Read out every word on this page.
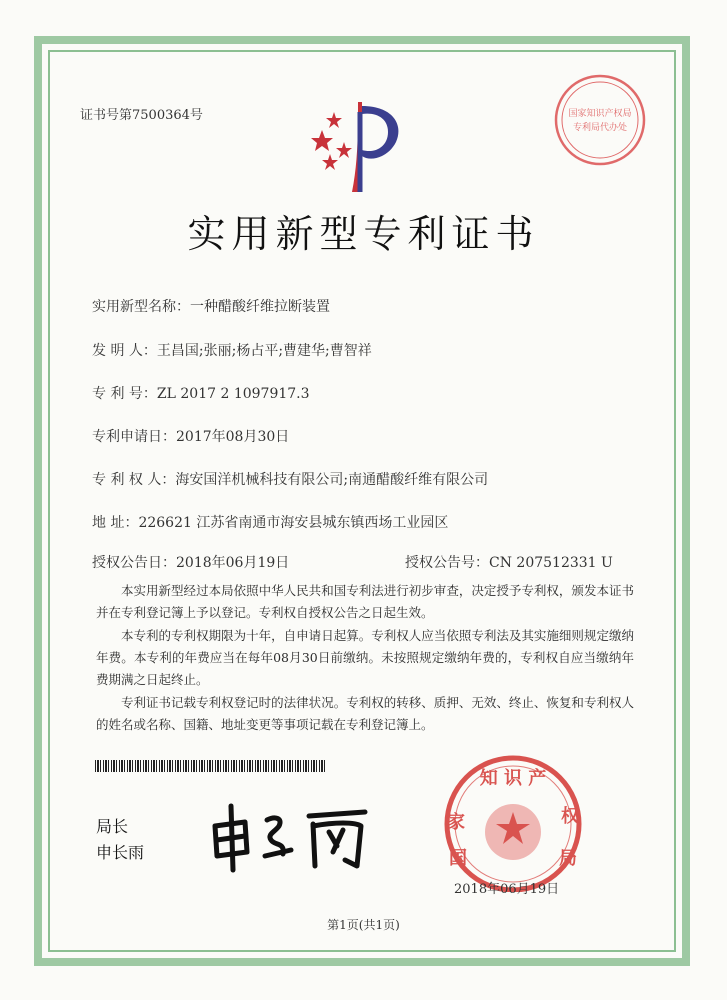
证书号第7500364号	国家知识产权局
专利局代办处
实用新型专利证书
实用新型名称：一种醋酸纤维拉断装置
发 明 人：王昌国;张丽;杨占平;曹建华;曹智祥
专 利 号：ZL 2017 2 1097917.3
专利申请日：2017年08月30日
专 利 权 人：海安国洋机械科技有限公司;南通醋酸纤维有限公司
地 址：226621 江苏省南通市海安县城东镇西场工业园区
授权公告日：2018年06月19日	授权公告号：CN 207512331 U
本实用新型经过本局依照中华人民共和国专利法进行初步审查，决定授予专利权，颁发本证书并在专利登记簿上予以登记。专利权自授权公告之日起生效。
本专利的专利权期限为十年，自申请日起算。专利权人应当依照专利法及其实施细则规定缴纳年费。本专利的年费应当在每年08月30日前缴纳。未按照规定缴纳年费的，专利权自应当缴纳年费期满之日起终止。
专利证书记载专利权登记时的法律状况。专利权的转移、质押、无效、终止、恢复和专利权人的姓名或名称、国籍、地址变更等事项记载在专利登记簿上。
局长
申长雨
知 识 产
家
国
权
局
2018年06月19日
第1页(共1页)
